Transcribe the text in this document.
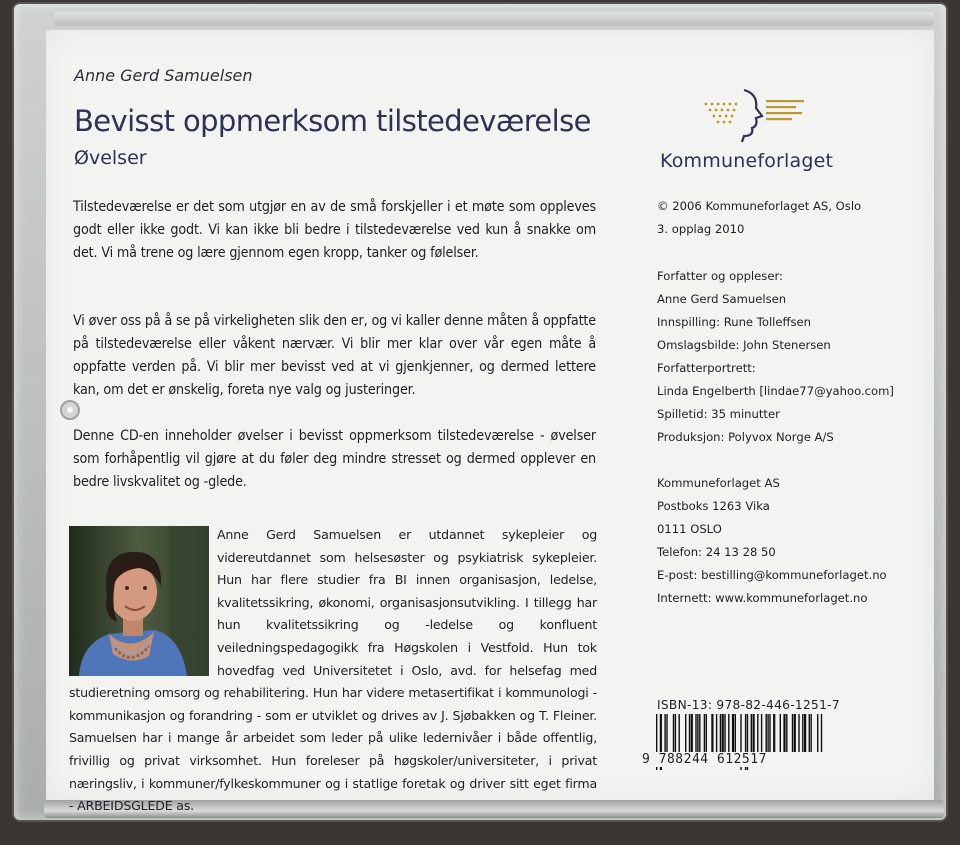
Anne Gerd Samuelsen
Bevisst oppmerksom tilstedeværelse
Øvelser

Tilstedeværelse er det som utgjør en av de små forskjeller i et møte som oppleves godt eller ikke godt. Vi kan ikke bli bedre i tilstedeværelse ved kun å snakke om det. Vi må trene og lære gjennom egen kropp, tanker og følelser.

Vi øver oss på å se på virkeligheten slik den er, og vi kaller denne måten å oppfatte på tilstedeværelse eller våkent nærvær. Vi blir mer klar over vår egen måte å oppfatte verden på. Vi blir mer bevisst ved at vi gjenkjenner, og dermed lettere kan, om det er ønskelig, foreta nye valg og justeringer.

Denne CD-en inneholder øvelser i bevisst oppmerksom tilstedeværelse - øvelser som forhåpentlig vil gjøre at du føler deg mindre stresset og dermed opplever en bedre livskvalitet og -glede.

Anne Gerd Samuelsen er utdannet sykepleier og videreutdannet som helsesøster og psykiatrisk sykepleier. Hun har flere studier fra BI innen organisasjon, ledelse, kvalitetssikring, økonomi, organisasjonsutvikling. I tillegg har hun kvalitetssikring og -ledelse og konfluent veiledningspedagogikk fra Høgskolen i Vestfold. Hun tok hovedfag ved Universitetet i Oslo, avd. for helsefag med studieretning omsorg og rehabilitering. Hun har videre metasertifikat i kommunologi - kommunikasjon og forandring - som er utviklet og drives av J. Sjøbakken og T. Fleiner. Samuelsen har i mange år arbeidet som leder på ulike ledernivåer i både offentlig, frivillig og privat virksomhet. Hun foreleser på høgskoler/universiteter, i privat næringsliv, i kommuner/fylkeskommuner og i statlige foretak og driver sitt eget firma - ARBEIDSGLEDE as.

Kommuneforlaget
© 2006 Kommuneforlaget AS, Oslo
3. opplag 2010
Forfatter og oppleser:
Anne Gerd Samuelsen
Innspilling: Rune Tolleffsen
Omslagsbilde: John Stenersen
Forfatterportrett:
Linda Engelberth [lindae77@yahoo.com]
Spilletid: 35 minutter
Produksjon: Polyvox Norge A/S
Kommuneforlaget AS
Postboks 1263 Vika
0111 OSLO
Telefon: 24 13 28 50
E-post: bestilling@kommuneforlaget.no
Internett: www.kommuneforlaget.no
ISBN-13: 978-82-446-1251-7
9 788244 612517
